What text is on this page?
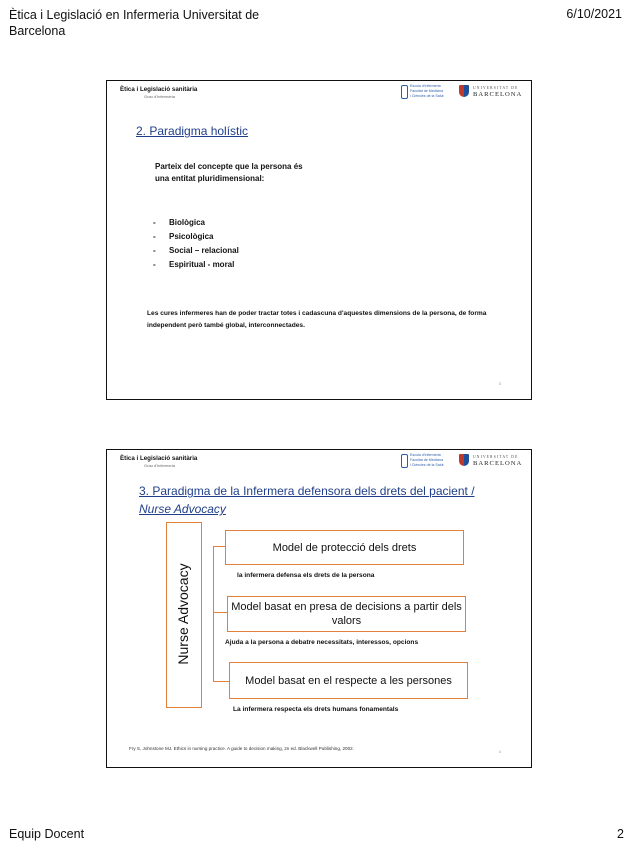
Ètica i Legislació en Infermeria Universitat de Barcelona
6/10/2021
Ètica i Legislació sanitària
Grau d'Infermeria
Escola d'Infermeria
Facultat de Medicina
i Ciències de la Salut
UNIVERSITAT DE
BARCELONA
2. Paradigma holístic
Parteix del concepte que la persona és una entitat pluridimensional:
- Biològica
- Psicològica
- Social – relacional
- Espiritual - moral
Les cures infermeres han de poder tractar totes i cadascuna d'aquestes dimensions de la persona, de forma independent però també global, interconnectades.
3
Ètica i Legislació sanitària
Grau d'Infermeria
Escola d'Infermeria
Facultat de Medicina
i Ciències de la Salut
UNIVERSITAT DE
BARCELONA
3. Paradigma de la Infermera defensora dels drets del pacient /
Nurse Advocacy
Nurse Advocacy
Model de protecció dels drets
la infermera defensa els drets de la persona
Model basat en presa de decisions a partir dels valors
Ajuda a la persona a debatre necessitats, interessos, opcions
Model basat en el respecte a les persones
La infermera respecta els drets humans fonamentals
Fry S, Johnstone MJ. Ethics in nursing practice. A guide to decision making, 2n ed. Blackwell Publishing, 2002.
4
Equip Docent	2
